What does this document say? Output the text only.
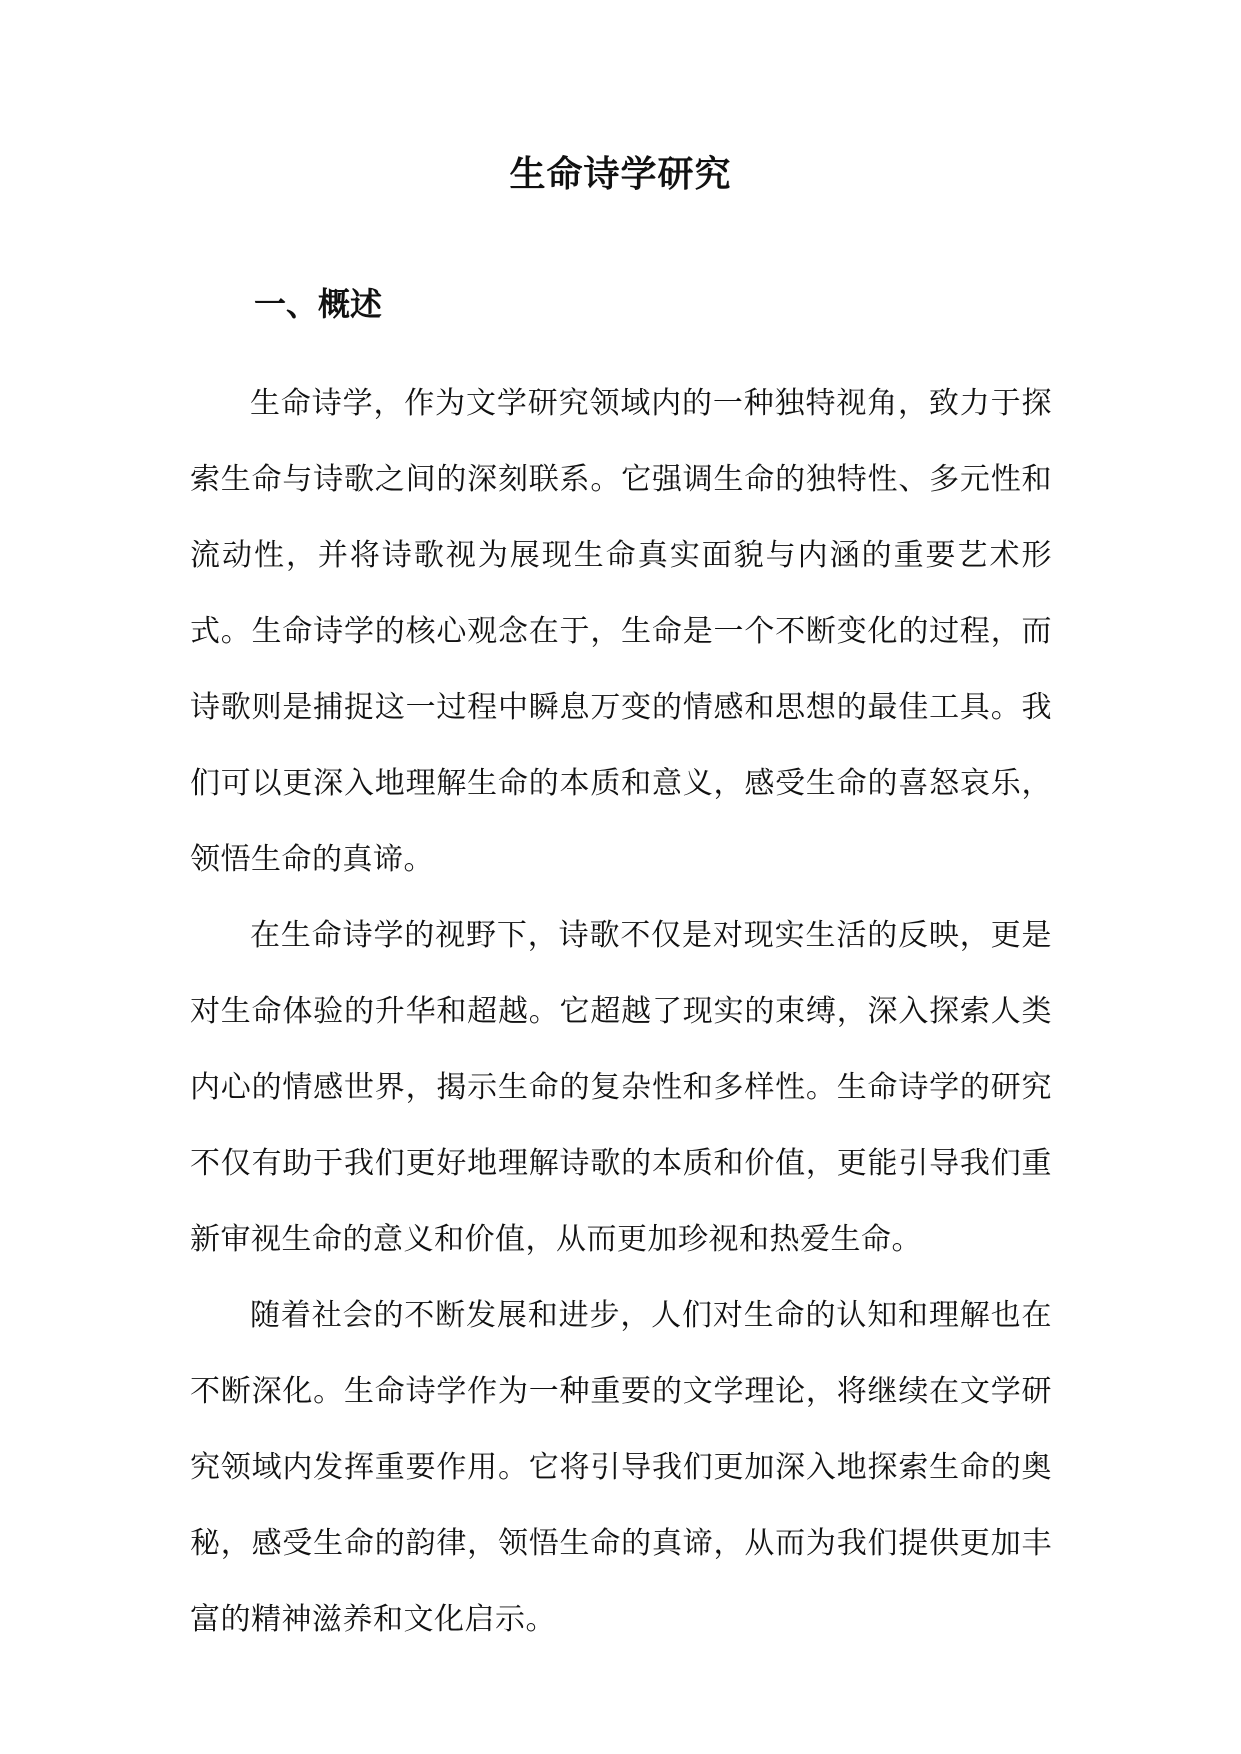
生命诗学研究
一、概述

生命诗学，作为文学研究领域内的一种独特视角，致力于探索生命与诗歌之间的深刻联系。它强调生命的独特性、多元性和流动性，并将诗歌视为展现生命真实面貌与内涵的重要艺术形式。生命诗学的核心观念在于，生命是一个不断变化的过程，而诗歌则是捕捉这一过程中瞬息万变的情感和思想的最佳工具。我们可以更深入地理解生命的本质和意义，感受生命的喜怒哀乐，领悟生命的真谛。

在生命诗学的视野下，诗歌不仅是对现实生活的反映，更是对生命体验的升华和超越。它超越了现实的束缚，深入探索人类内心的情感世界，揭示生命的复杂性和多样性。生命诗学的研究不仅有助于我们更好地理解诗歌的本质和价值，更能引导我们重新审视生命的意义和价值，从而更加珍视和热爱生命。

随着社会的不断发展和进步，人们对生命的认知和理解也在不断深化。生命诗学作为一种重要的文学理论，将继续在文学研究领域内发挥重要作用。它将引导我们更加深入地探索生命的奥秘，感受生命的韵律，领悟生命的真谛，从而为我们提供更加丰富的精神滋养和文化启示。
